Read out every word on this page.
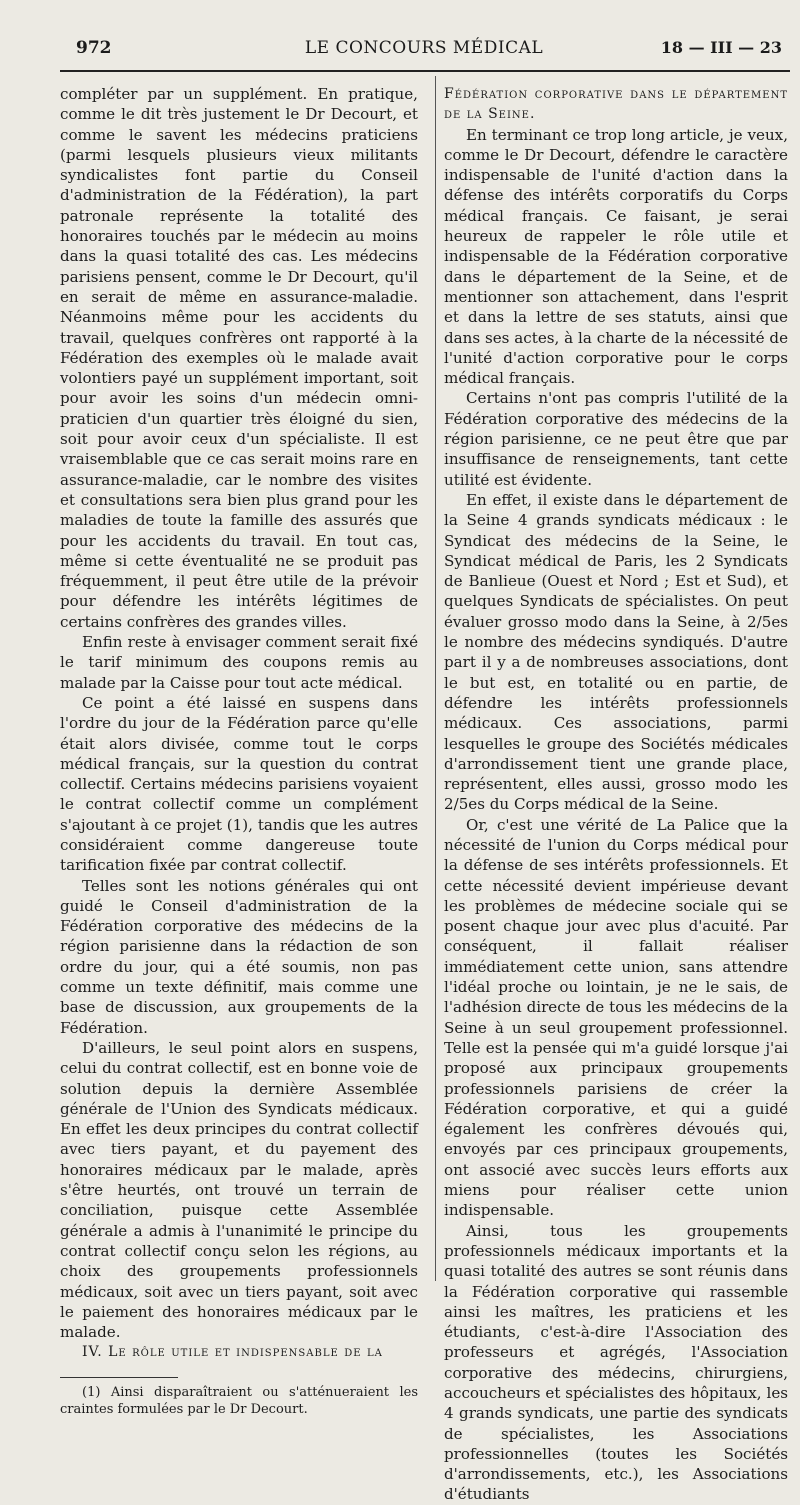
LE CONCOURS MÉDICAL
972	18 — III — 23

compléter par un supplément. En pratique, comme le dit très justement le Dr Decourt, et comme le savent les médecins praticiens (parmi lesquels plusieurs vieux militants syndicalistes font partie du Conseil d'administration de la Fédération), la part patronale représente la totalité des honoraires touchés par le médecin au moins dans la quasi totalité des cas. Les médecins parisiens pensent, comme le Dr Decourt, qu'il en serait de même en assurance-maladie. Néanmoins même pour les accidents du travail, quelques confrères ont rapporté à la Fédération des exemples où le malade avait volontiers payé un supplément important, soit pour avoir les soins d'un médecin omni-praticien d'un quartier très éloigné du sien, soit pour avoir ceux d'un spécialiste. Il est vraisemblable que ce cas serait moins rare en assurance-maladie, car le nombre des visites et consultations sera bien plus grand pour les maladies de toute la famille des assurés que pour les accidents du travail. En tout cas, même si cette éventualité ne se produit pas fréquemment, il peut être utile de la prévoir pour défendre les intérêts légitimes de certains confrères des grandes villes.

Enfin reste à envisager comment serait fixé le tarif minimum des coupons remis au malade par la Caisse pour tout acte médical.

Ce point a été laissé en suspens dans l'ordre du jour de la Fédération parce qu'elle était alors divisée, comme tout le corps médical français, sur la question du contrat collectif. Certains médecins parisiens voyaient le contrat collectif comme un complément s'ajoutant à ce projet (1), tandis que les autres considéraient comme dangereuse toute tarification fixée par contrat collectif.

Telles sont les notions générales qui ont guidé le Conseil d'administration de la Fédération corporative des médecins de la région parisienne dans la rédaction de son ordre du jour, qui a été soumis, non pas comme un texte définitif, mais comme une base de discussion, aux groupements de la Fédération.

D'ailleurs, le seul point alors en suspens, celui du contrat collectif, est en bonne voie de solution depuis la dernière Assemblée générale de l'Union des Syndicats médicaux. En effet les deux principes du contrat collectif avec tiers payant, et du payement des honoraires médicaux par le malade, après s'être heurtés, ont trouvé un terrain de conciliation, puisque cette Assemblée générale a admis à l'unanimité le principe du contrat collectif conçu selon les régions, au choix des groupements professionnels médicaux, soit avec un tiers payant, soit avec le paiement des honoraires médicaux par le malade.

IV. Le rôle utile et indispensable de la

(1) Ainsi disparaîtraient ou s'atténueraient les craintes formulées par le Dr Decourt.

Fédération corporative dans le département de la Seine.

En terminant ce trop long article, je veux, comme le Dr Decourt, défendre le caractère indispensable de l'unité d'action dans la défense des intérêts corporatifs du Corps médical français. Ce faisant, je serai heureux de rappeler le rôle utile et indispensable de la Fédération corporative dans le département de la Seine, et de mentionner son attachement, dans l'esprit et dans la lettre de ses statuts, ainsi que dans ses actes, à la charte de la nécessité de l'unité d'action corporative pour le corps médical français.

Certains n'ont pas compris l'utilité de la Fédération corporative des médecins de la région parisienne, ce ne peut être que par insuffisance de renseignements, tant cette utilité est évidente.

En effet, il existe dans le département de la Seine 4 grands syndicats médicaux : le Syndicat des médecins de la Seine, le Syndicat médical de Paris, les 2 Syndicats de Banlieue (Ouest et Nord ; Est et Sud), et quelques Syndicats de spécialistes. On peut évaluer grosso modo dans la Seine, à 2/5es le nombre des médecins syndiqués. D'autre part il y a de nombreuses associations, dont le but est, en totalité ou en partie, de défendre les intérêts professionnels médicaux. Ces associations, parmi lesquelles le groupe des Sociétés médicales d'arrondissement tient une grande place, représentent, elles aussi, grosso modo les 2/5es du Corps médical de la Seine.

Or, c'est une vérité de La Palice que la nécessité de l'union du Corps médical pour la défense de ses intérêts professionnels. Et cette nécessité devient impérieuse devant les problèmes de médecine sociale qui se posent chaque jour avec plus d'acuité. Par conséquent, il fallait réaliser immédiatement cette union, sans attendre l'idéal proche ou lointain, je ne le sais, de l'adhésion directe de tous les médecins de la Seine à un seul groupement professionnel. Telle est la pensée qui m'a guidé lorsque j'ai proposé aux principaux groupements professionnels parisiens de créer la Fédération corporative, et qui a guidé également les confrères dévoués qui, envoyés par ces principaux groupements, ont associé avec succès leurs efforts aux miens pour réaliser cette union indispensable.

Ainsi, tous les groupements professionnels médicaux importants et la quasi totalité des autres se sont réunis dans la Fédération corporative qui rassemble ainsi les maîtres, les praticiens et les étudiants, c'est-à-dire l'Association des professeurs et agrégés, l'Association corporative des médecins, chirurgiens, accoucheurs et spécialistes des hôpitaux, les 4 grands syndicats, une partie des syndicats de spécialistes, les Associations professionnelles (toutes les Sociétés d'arrondissements, etc.), les Associations d'étudiants
